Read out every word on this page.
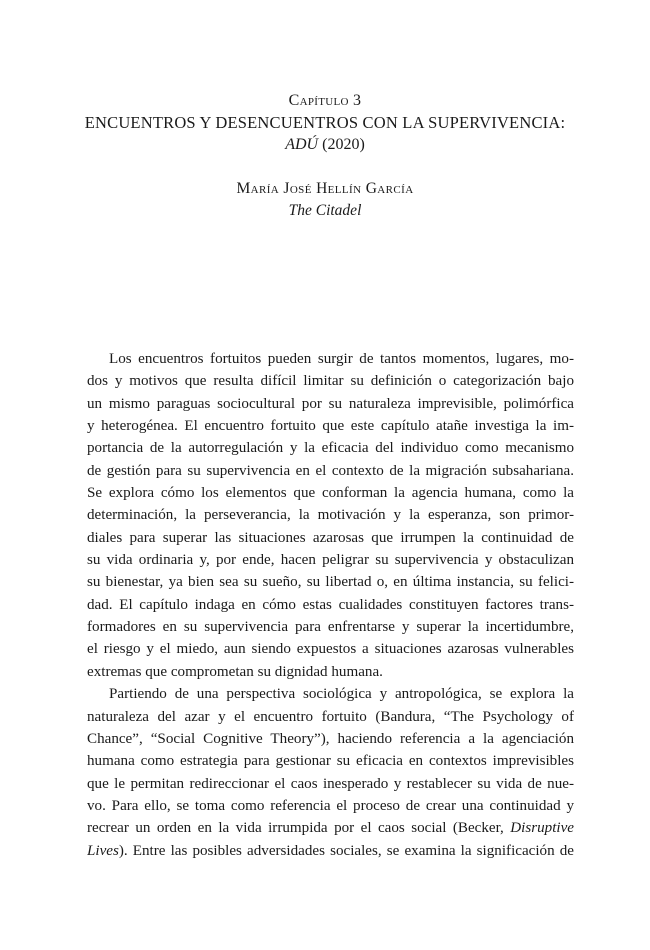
Capítulo 3
ENCUENTROS Y DESENCUENTROS CON LA SUPERVIVENCIA:
ADÚ (2020)
María José Hellín García
The Citadel
Los encuentros fortuitos pueden surgir de tantos momentos, lugares, mo-
dos y motivos que resulta difícil limitar su definición o categorización bajo
un mismo paraguas sociocultural por su naturaleza imprevisible, polimórfica
y heterogénea. El encuentro fortuito que este capítulo atañe investiga la im-
portancia de la autorregulación y la eficacia del individuo como mecanismo
de gestión para su supervivencia en el contexto de la migración subsahariana.
Se explora cómo los elementos que conforman la agencia humana, como la
determinación, la perseverancia, la motivación y la esperanza, son primor-
diales para superar las situaciones azarosas que irrumpen la continuidad de
su vida ordinaria y, por ende, hacen peligrar su supervivencia y obstaculizan
su bienestar, ya bien sea su sueño, su libertad o, en última instancia, su felici-
dad. El capítulo indaga en cómo estas cualidades constituyen factores trans-
formadores en su supervivencia para enfrentarse y superar la incertidumbre,
el riesgo y el miedo, aun siendo expuestos a situaciones azarosas vulnerables
extremas que comprometan su dignidad humana.
Partiendo de una perspectiva sociológica y antropológica, se explora la
naturaleza del azar y el encuentro fortuito (Bandura, “The Psychology of
Chance”, “Social Cognitive Theory”), haciendo referencia a la agenciación
humana como estrategia para gestionar su eficacia en contextos imprevisibles
que le permitan redireccionar el caos inesperado y restablecer su vida de nue-
vo. Para ello, se toma como referencia el proceso de crear una continuidad y
recrear un orden en la vida irrumpida por el caos social (Becker, Disruptive
Lives). Entre las posibles adversidades sociales, se examina la significación de
